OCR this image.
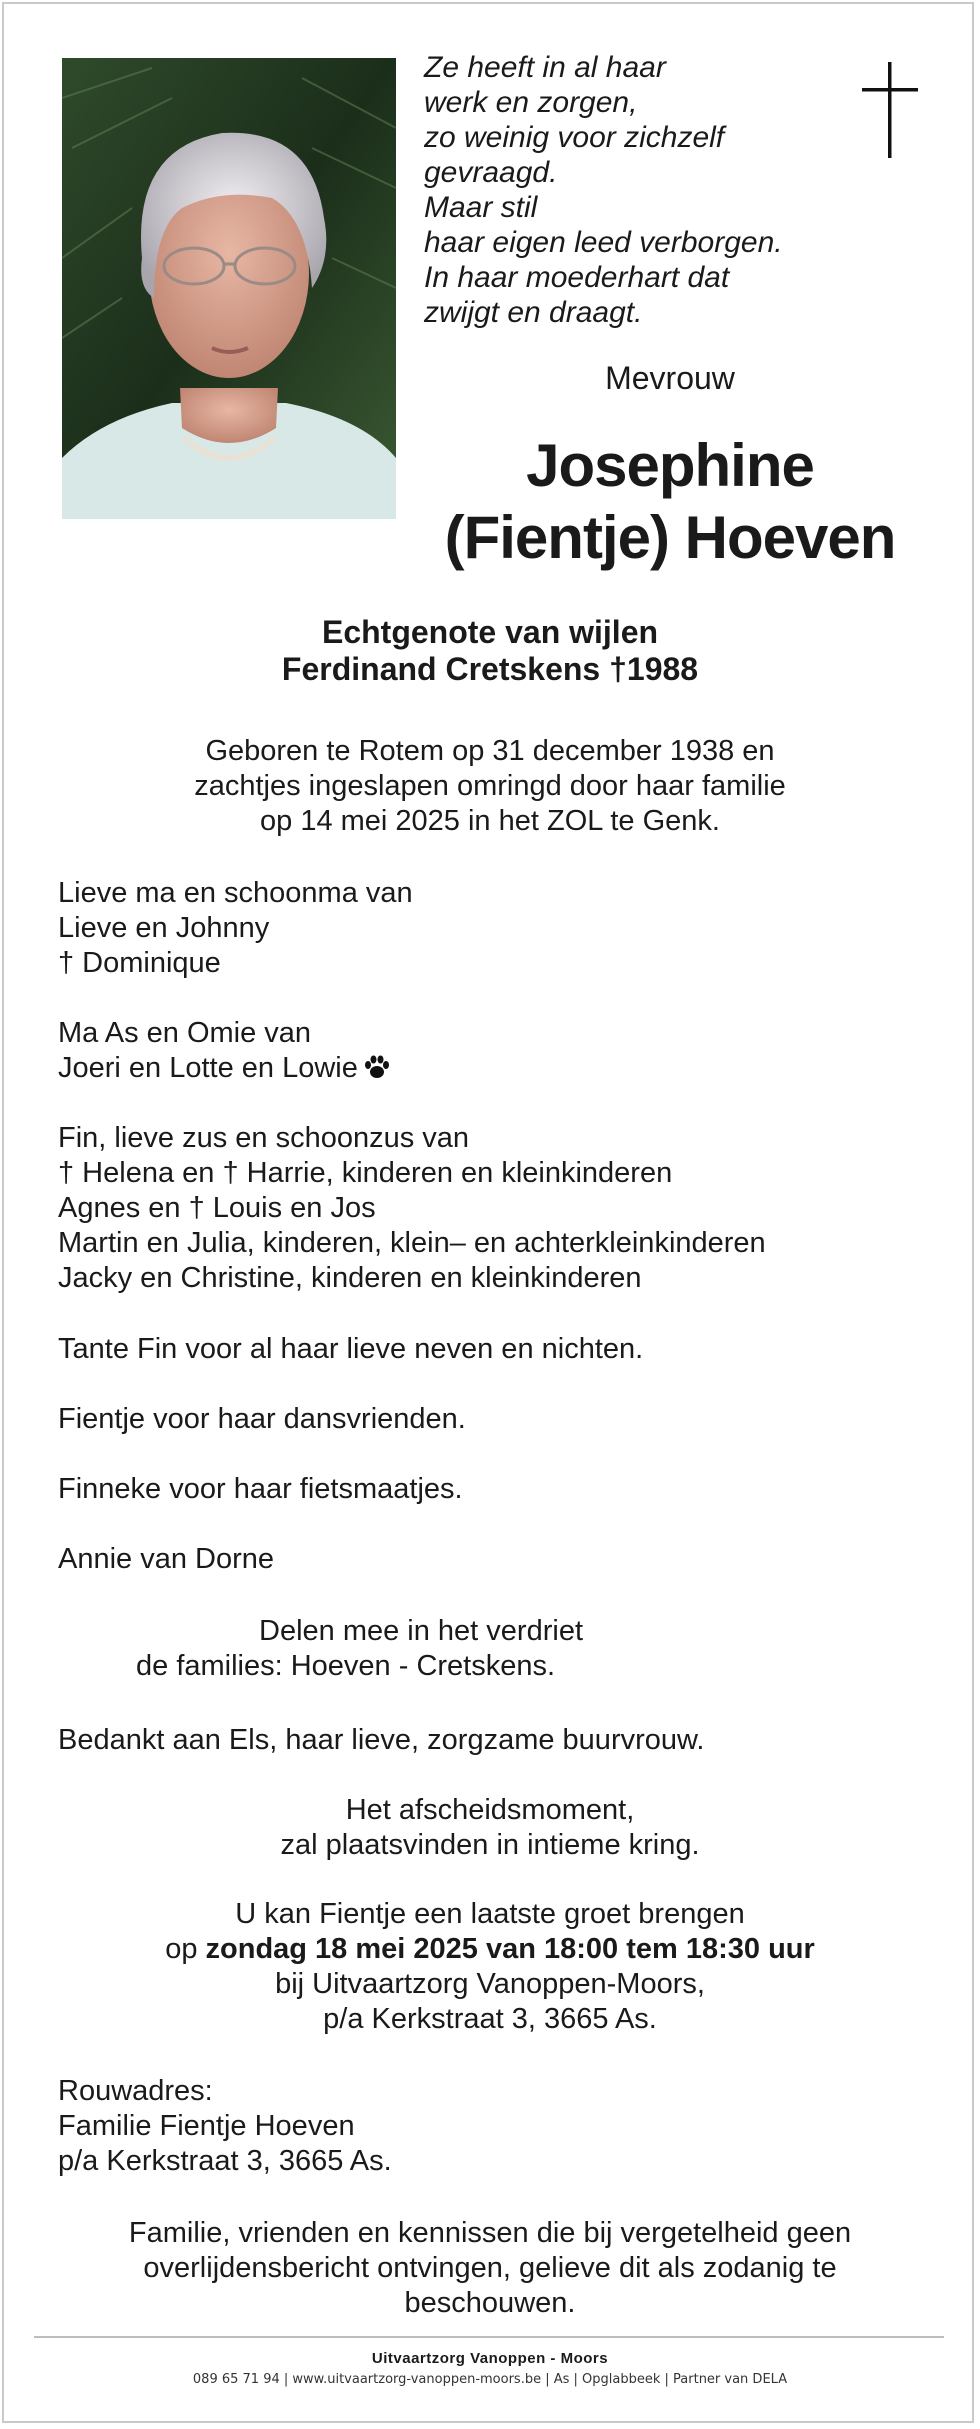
Ze heeft in al haar
werk en zorgen,
zo weinig voor zichzelf
gevraagd.
Maar stil
haar eigen leed verborgen.
In haar moederhart dat
zwijgt en draagt.
Mevrouw
Josephine
(Fientje) Hoeven
Echtgenote van wijlen
Ferdinand Cretskens †1988
Geboren te Rotem op 31 december 1938 en
zachtjes ingeslapen omringd door haar familie
op 14 mei 2025 in het ZOL te Genk.
Lieve ma en schoonma van
Lieve en Johnny
† Dominique
Ma As en Omie van
Joeri en Lotte en Lowie
Fin, lieve zus en schoonzus van
† Helena en † Harrie, kinderen en kleinkinderen
Agnes en † Louis en Jos
Martin en Julia, kinderen, klein– en achterkleinkinderen
Jacky en Christine, kinderen en kleinkinderen
Tante Fin voor al haar lieve neven en nichten.
Fientje voor haar dansvrienden.
Finneke voor haar fietsmaatjes.
Annie van Dorne
Delen mee in het verdriet
de families: Hoeven - Cretskens.
Bedankt aan Els, haar lieve, zorgzame buurvrouw.
Het afscheidsmoment,
zal plaatsvinden in intieme kring.
U kan Fientje een laatste groet brengen
op zondag 18 mei 2025 van 18:00 tem 18:30 uur
bij Uitvaartzorg Vanoppen-Moors,
p/a Kerkstraat 3, 3665 As.
Rouwadres:
Familie Fientje Hoeven
p/a Kerkstraat 3, 3665 As.
Familie, vrienden en kennissen die bij vergetelheid geen
overlijdensbericht ontvingen, gelieve dit als zodanig te
beschouwen.
Uitvaartzorg Vanoppen - Moors
089 65 71 94 | www.uitvaartzorg-vanoppen-moors.be | As | Opglabbeek | Partner van DELA
